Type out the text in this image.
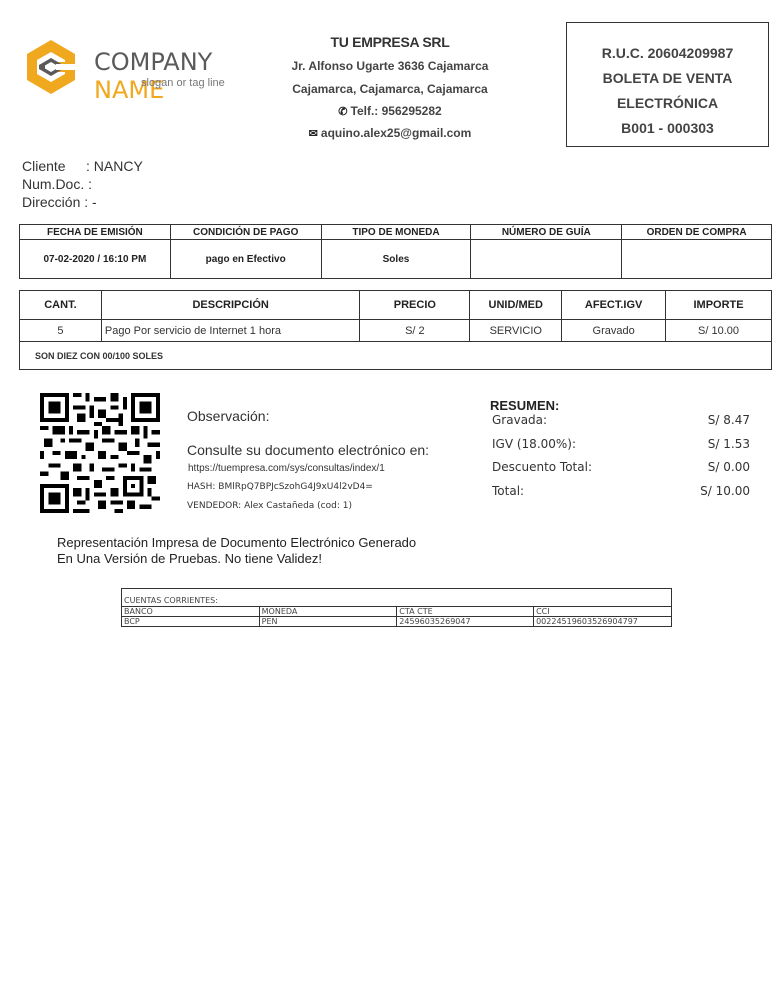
COMPANY NAME
slogan or tag line
TU EMPRESA SRL
Jr. Alfonso Ugarte 3636 Cajamarca
Cajamarca, Cajamarca, Cajamarca
✆ Telf.: 956295282
✉ aquino.alex25@gmail.com
R.U.C. 20604209987
BOLETA DE VENTA
ELECTRÓNICA
B001 - 000303
Cliente : NANCY
Num.Doc. :
Dirección : -
FECHA DE EMISIÓN	CONDICIÓN DE PAGO	TIPO DE MONEDA	NÚMERO DE GUÍA	ORDEN DE COMPRA
07-02-2020 / 16:10 PM	pago en Efectivo	Soles		
CANT.	DESCRIPCIÓN	PRECIO	UNID/MED	AFECT.IGV	IMPORTE
5	Pago Por servicio de Internet 1 hora	S/ 2	SERVICIO	Gravado	S/ 10.00
SON DIEZ CON 00/100 SOLES					
Observación:
Consulte su documento electrónico en:
https://tuempresa.com/sys/consultas/index/1
HASH: BMlRpQ7BPJcSzohG4J9xU4l2vD4=
VENDEDOR: Alex Castañeda (cod: 1)
RESUMEN:
Gravada:	S/ 8.47
IGV (18.00%):	S/ 1.53
Descuento Total:	S/ 0.00
Total:	S/ 10.00
Representación Impresa de Documento Electrónico Generado
En Una Versión de Pruebas. No tiene Validez!
CUENTAS CORRIENTES:			
BANCO	MONEDA	CTA CTE	CCI
BCP	PEN	24596035269047	00224519603526904797
